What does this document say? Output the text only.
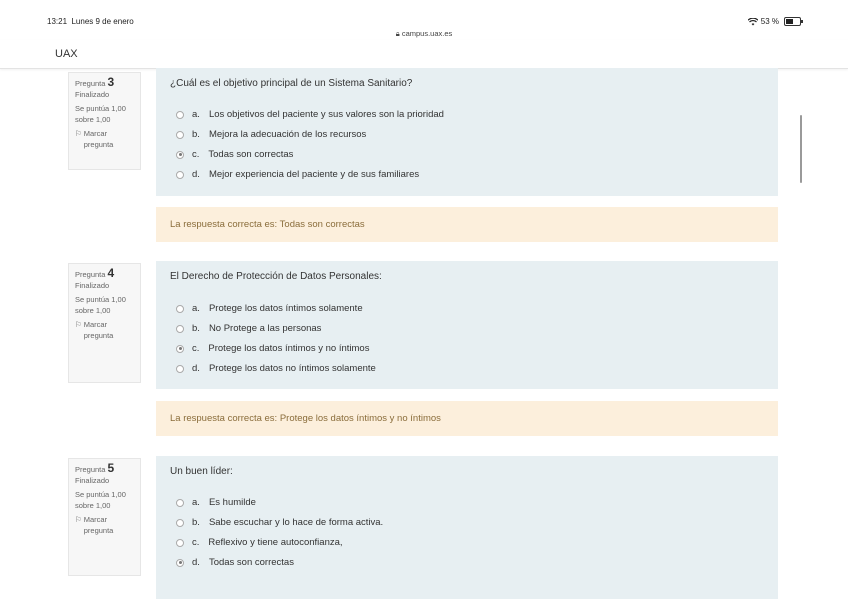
13:21 Lunes 9 de enero
🔒︎ campus.uax.es
53 %
UAX
Pregunta 3
Finalizado
Se puntúa 1,00 sobre 1,00
⚐ Marcar pregunta
¿Cuál es el objetivo principal de un Sistema Sanitario?
a. Los objetivos del paciente y sus valores son la prioridad
b. Mejora la adecuación de los recursos
c. Todas son correctas
d. Mejor experiencia del paciente y de sus familiares
La respuesta correcta es: Todas son correctas
Pregunta 4
Finalizado
Se puntúa 1,00 sobre 1,00
⚐ Marcar pregunta
El Derecho de Protección de Datos Personales:
a. Protege los datos íntimos solamente
b. No Protege a las personas
c. Protege los datos íntimos y no íntimos
d. Protege los datos no íntimos solamente
La respuesta correcta es: Protege los datos íntimos y no íntimos
Pregunta 5
Finalizado
Se puntúa 1,00 sobre 1,00
⚐ Marcar pregunta
Un buen líder:
a. Es humilde
b. Sabe escuchar y lo hace de forma activa.
c. Reflexivo y tiene autoconfianza,
d. Todas son correctas
